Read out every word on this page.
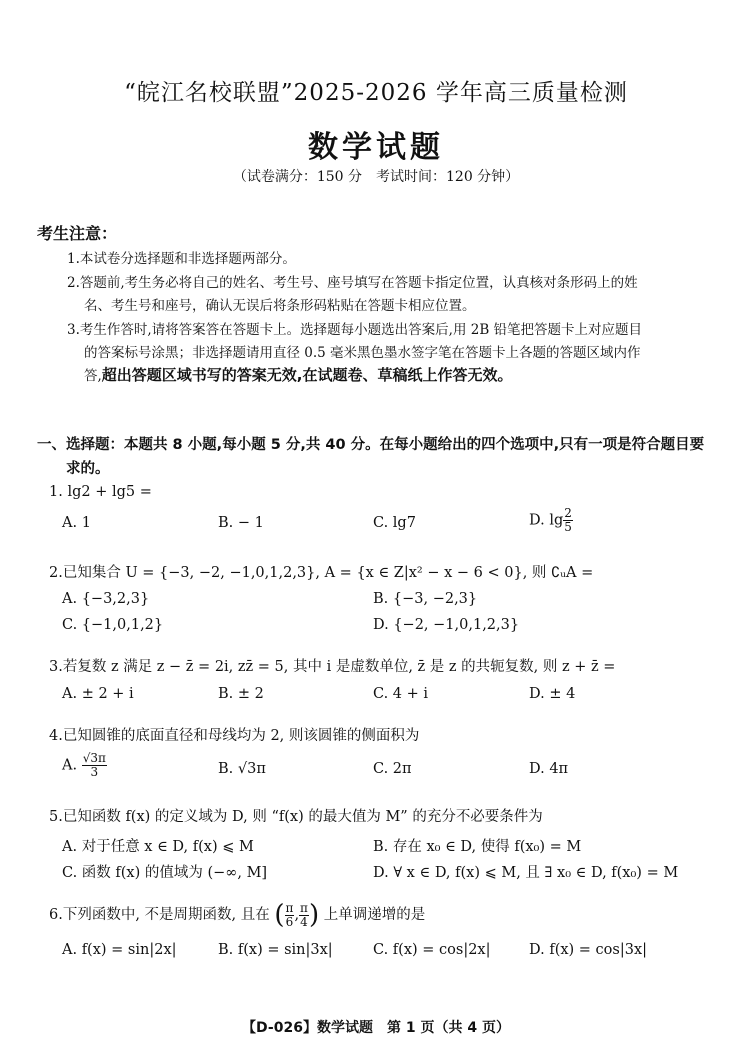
“皖江名校联盟”2025-2026 学年高三质量检测
数学试题
（试卷满分：150 分　考试时间：120 分钟）
考生注意：
1.本试卷分选择题和非选择题两部分。
2.答题前,考生务必将自己的姓名、考生号、座号填写在答题卡指定位置，认真核对条形码上的姓
名、考生号和座号，确认无误后将条形码粘贴在答题卡相应位置。
3.考生作答时,请将答案答在答题卡上。选择题每小题选出答案后,用 2B 铅笔把答题卡上对应题目
的答案标号涂黑；非选择题请用直径 0.5 毫米黑色墨水签字笔在答题卡上各题的答题区域内作
答,超出答题区域书写的答案无效,在试题卷、草稿纸上作答无效。
一、选择题：本题共 8 小题,每小题 5 分,共 40 分。在每小题给出的四个选项中,只有一项是符合题目要
求的。
1. lg2 + lg5 =
A. 1	B. − 1	C. lg7	D. $\lg \frac{2}{5}$
2.已知集合 U = {−3, −2, −1,0,1,2,3}, A = {x ∈ Z|x² − x − 6 < 0}, 则 ∁ᵤA =
A. {−3,2,3}	B. {−3, −2,3}
C. {−1,0,1,2}	D. {−2, −1,0,1,2,3}
3.若复数 z 满足 z − z̄ = 2i, zz̄ = 5, 其中 i 是虚数单位, z̄ 是 z 的共轭复数, 则 z + z̄ =
A. ± 2 + i	B. ± 2	C. 4 + i	D. ± 4
4.已知圆锥的底面直径和母线均为 2, 则该圆锥的侧面积为
A. $\frac{√3\pi}{3}$	B. √3π	C. 2π	D. 4π
5.已知函数 f(x) 的定义域为 D, 则 “f(x) 的最大值为 M” 的充分不必要条件为
A. 对于任意 x ∈ D, f(x) ⩽ M	B. 存在 x₀ ∈ D, 使得 f(x₀) = M
C. 函数 f(x) 的值域为 (−∞, M]	D. ∀ x ∈ D, f(x) ⩽ M, 且 ∃ x₀ ∈ D, f(x₀) = M
6.下列函数中, 不是周期函数, 且在 ( $\frac{\pi}{6}$ , $\frac{\pi}{4}$ ) 上单调递增的是
A. f(x) = sin|2x|	B. f(x) = sin|3x|	C. f(x) = cos|2x|	D. f(x) = cos|3x|
【D-026】数学试题　第 1 页（共 4 页）
